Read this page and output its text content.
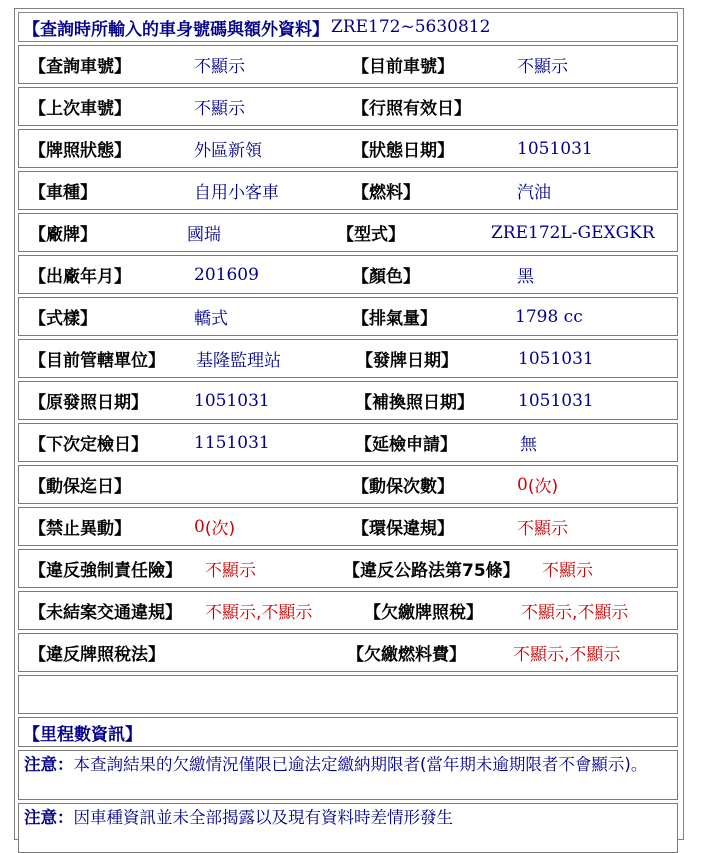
【查詢時所輸入的車身號碼與額外資料】 ZRE172~5630812
【查詢車號】	不顯示	【目前車號】	不顯示
【上次車號】	不顯示	【行照有效日】
【牌照狀態】	外區新領	【狀態日期】	1051031
【車種】	自用小客車	【燃料】	汽油
【廠牌】	國瑞	【型式】	ZRE172L-GEXGKR
【出廠年月】	201609	【顏色】	黑
【式樣】	轎式	【排氣量】	1798 cc
【目前管轄單位】 基隆監理站	【發牌日期】	1051031
【原發照日期】	1051031	【補換照日期】	1051031
【下次定檢日】	1151031	【延檢申請】	無
【動保迄日】	【動保次數】	0 (次)
【禁止異動】	0 (次)	【環保違規】	不顯示
【違反強制責任險】 不顯示	【違反公路法第75條】 不顯示
【未結案交通違規】 不顯示,不顯示	【欠繳牌照稅】 不顯示,不顯示
【違反牌照稅法】	【欠繳燃料費】	不顯示,不顯示
【里程數資訊】
注意：本查詢結果的欠繳情況僅限已逾法定繳納期限者(當年期未逾期限者不會顯示)。
注意：因車種資訊並未全部揭露以及現有資料時差情形發生
